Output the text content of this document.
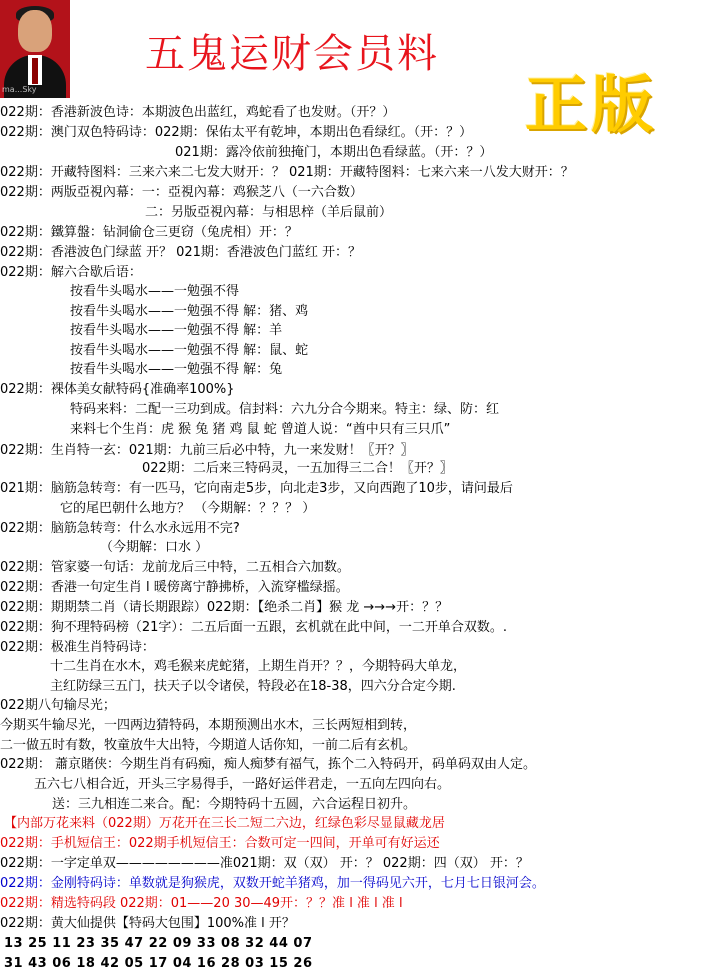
ma...Sky
五鬼运财会员料
正版
022期：香港新波色诗：本期波色出蓝红，鸡蛇看了也发财。（开？）
022期：澳门双色特码诗：022期：保佑太平有乾坤，本期出色看绿红。（开：？）
021期：露冷依前独掩门，本期出色看绿蓝。（开：？）
022期：开藏特图料：三来六来二七发大财开：？ 021期：开藏特图料：七来六来一八发大财开：？
022期：两版亞視內幕：一：亞視內幕：鸡猴芝八（一六合数）
二：另版亞視內幕：与相思梓（羊后鼠前）
022期：鐵算盤：钻洞偷仓三更窃（兔虎相）开：？
022期：香港波色门绿蓝 开？ 021期：香港波色门蓝红 开：？
022期：解六合歇后语：
按看牛头喝水——一勉强不得
按看牛头喝水——一勉强不得 解：猪、鸡
按看牛头喝水——一勉强不得 解：羊
按看牛头喝水——一勉强不得 解：鼠、蛇
按看牛头喝水——一勉强不得 解：兔
022期：裸体美女献特码{准确率100%}
特码来料：二配一三功到成。信封料：六九分合今期来。特主：绿、防：红
来料七个生肖：虎 猴 兔 猪 鸡 鼠 蛇 曾道人说：“酋中只有三只爪”
022期：生肖特一玄：021期：九前三后必中特，九一来发财！〖开？〗
022期：二后来三特码灵，一五加得三二合！〖开？〗
021期：脑筋急转弯：有一匹马，它向南走5步，向北走3步，又向西跑了10步，请问最后
它的尾巴朝什么地方？ （今期解：？？？ ）
022期：脑筋急转弯：什么水永远用不完?
（今期解：口水 ）
022期：管家婆一句话：龙前龙后三中特，二五相合六加数。
022期：香港一句定生肖 l 暖傍离宁静拂桥，入流穿槛绿摇。
022期：期期禁二肖（请长期跟踪）022期：【绝杀二肖】猴 龙 →→→开：？？
022期：狗不理特码榜（21字）：二五后面一五跟，玄机就在此中间，一二开单合双数。.
022期：极准生肖特码诗：
十二生肖在水木，鸡毛猴来虎蛇猪，上期生肖开？？，今期特码大单龙，
主红防绿三五门，扶天子以令诸侯，特段必在18-38，四六分合定今期.
022期八句输尽光；
今期买牛输尽光，一四两边猜特码，本期预测出水木，三长两短相到转，
二一做五时有数，牧童放牛大出特，今期道人话你知，一前二后有玄机。
022期： 蕭京賭侠：今期生肖有码痴，痴人痴梦有福气，拣个二入特码开，码单码双由人定。
五六七八相合近，开头三字易得手，一路好运伴君走，一五向左四向右。
送：三九相连二来合。配：今期特码十五圆，六合运程日初升。
【内部万花来料（022期）万花开在三长二短二六边，红绿色彩尽显鼠藏龙居
022期：手机短信王：022期手机短信王：合数可定一四间，开单可有好运还
022期：一字定单双————————准021期：双（双） 开：？ 022期：四（双） 开：？
022期：金刚特码诗：单数就是狗猴虎，双数开蛇羊猪鸡，加一得码见六开，七月七日银河会。
022期：精选特码段 022期：01——20 30—49开：？？准 l 准 l 准 l
022期：黄大仙提供【特码大包围】100%准 l 开？
13 25 11 23 35 47 22 09 33 08 32 44 07
31 43 06 18 42 05 17 04 16 28 03 15 26
